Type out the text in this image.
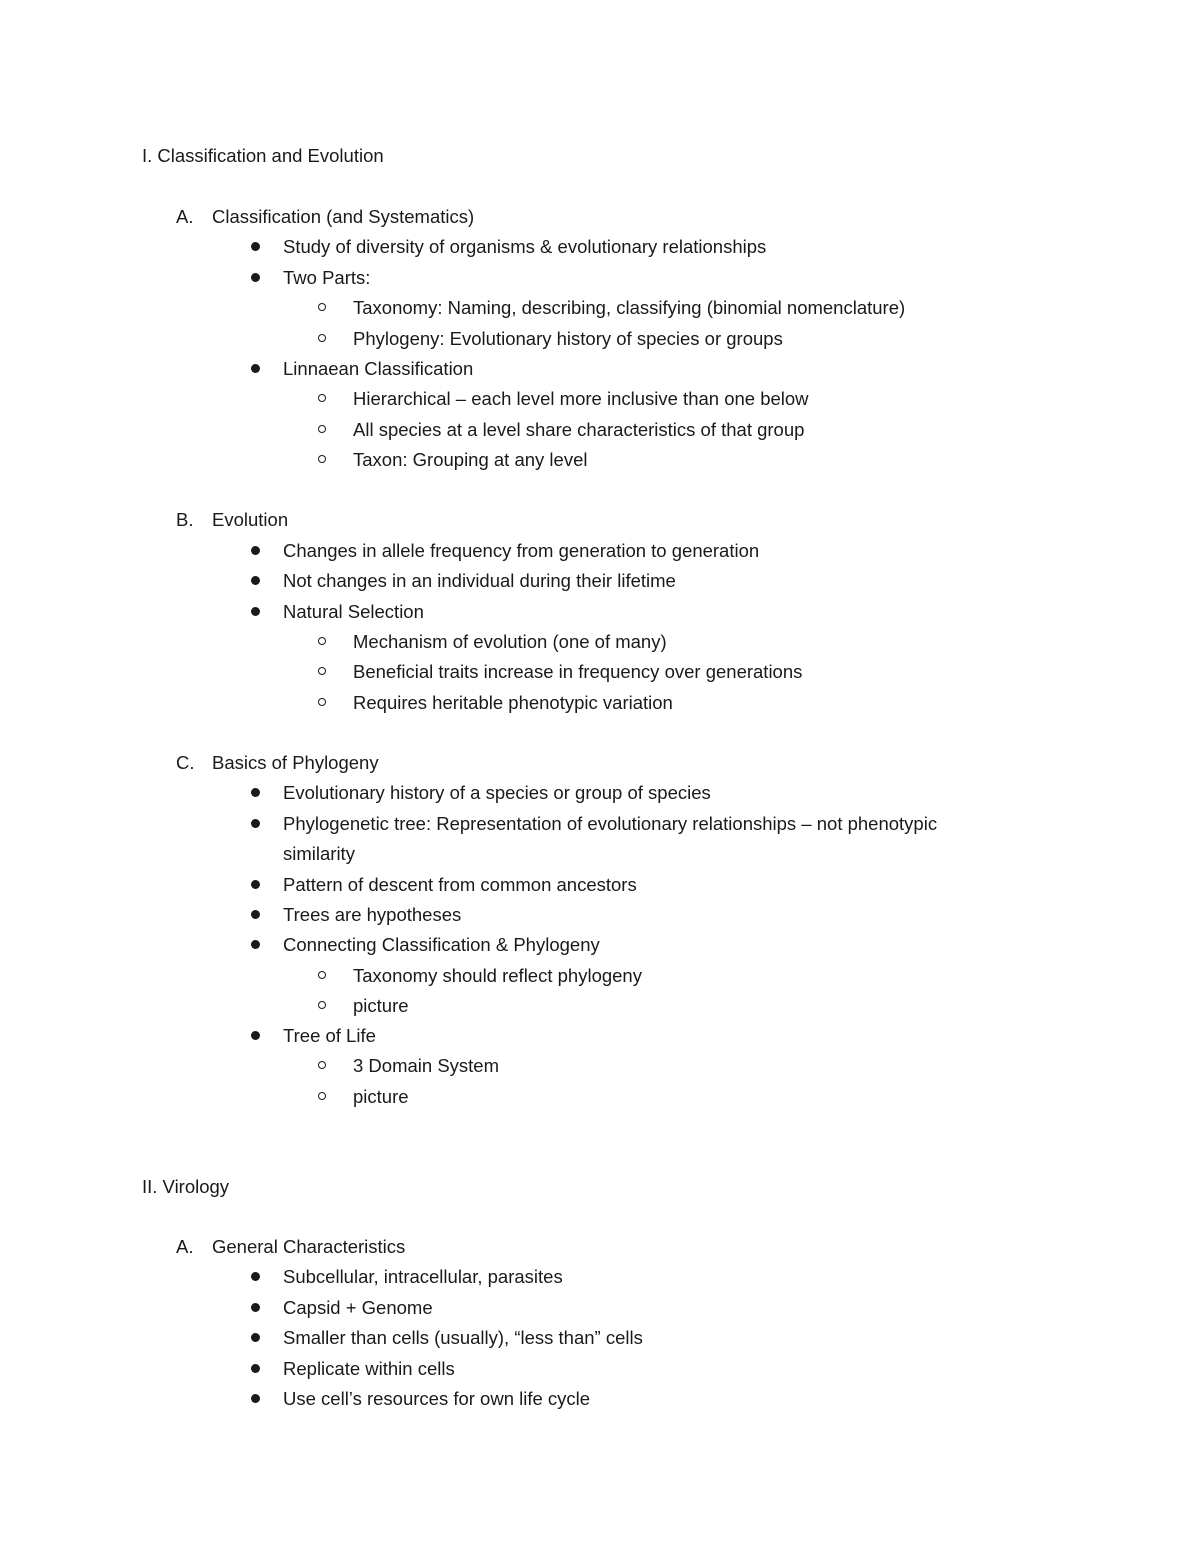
I. Classification and Evolution
A. Classification (and Systematics)
Study of diversity of organisms & evolutionary relationships
Two Parts:
Taxonomy: Naming, describing, classifying (binomial nomenclature)
Phylogeny: Evolutionary history of species or groups
Linnaean Classification
Hierarchical – each level more inclusive than one below
All species at a level share characteristics of that group
Taxon: Grouping at any level
B. Evolution
Changes in allele frequency from generation to generation
Not changes in an individual during their lifetime
Natural Selection
Mechanism of evolution (one of many)
Beneficial traits increase in frequency over generations
Requires heritable phenotypic variation
C. Basics of Phylogeny
Evolutionary history of a species or group of species
Phylogenetic tree: Representation of evolutionary relationships – not phenotypic
similarity
Pattern of descent from common ancestors
Trees are hypotheses
Connecting Classification & Phylogeny
Taxonomy should reflect phylogeny
picture
Tree of Life
3 Domain System
picture
II. Virology
A. General Characteristics
Subcellular, intracellular, parasites
Capsid + Genome
Smaller than cells (usually), “less than” cells
Replicate within cells
Use cell’s resources for own life cycle
